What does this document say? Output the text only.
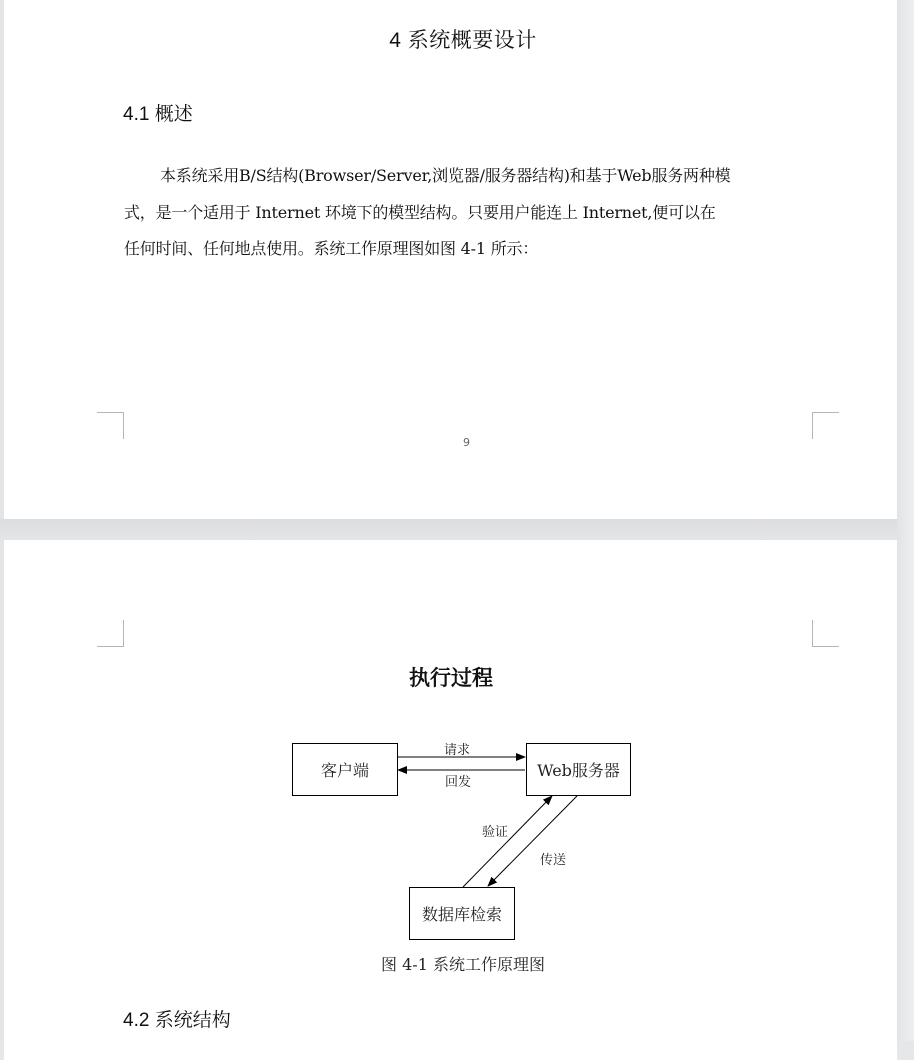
4 系统概要设计
4.1 概述
本系统采用B/S结构(Browser/Server,浏览器/服务器结构)和基于Web服务两种模
式，是一个适用于 Internet 环境下的模型结构。只要用户能连上 Internet,便可以在
任何时间、任何地点使用。系统工作原理图如图 4-1 所示：
9
执行过程
客户端	Web服务器
数据库检索
请求
回发
验证
传送
图 4-1 系统工作原理图
4.2 系统结构
